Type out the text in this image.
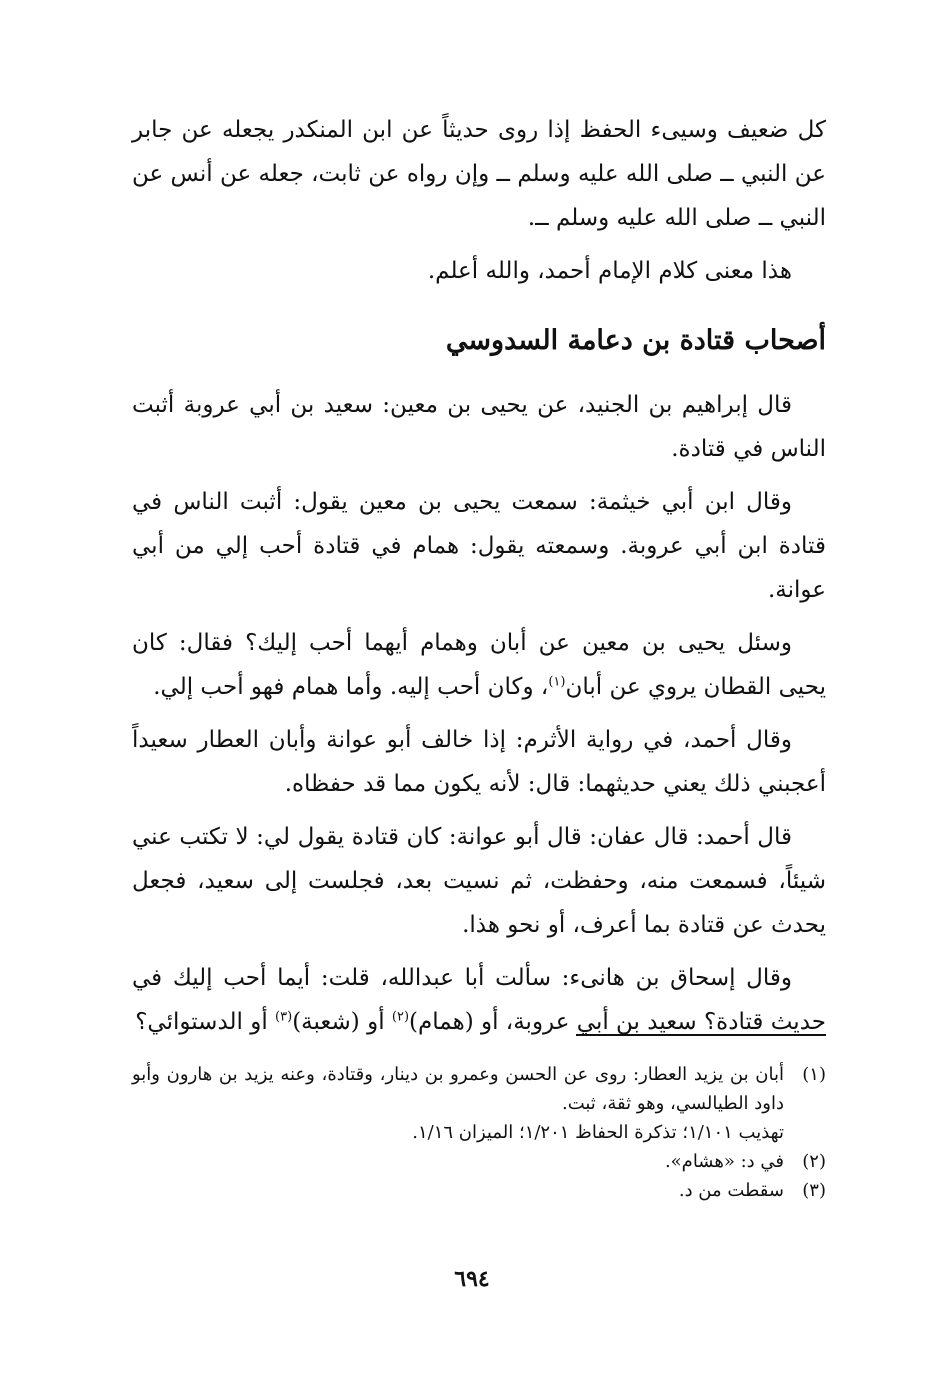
كل ضعيف وسيىء الحفظ إذا روى حديثاً عن ابن المنكدر يجعله عن جابر عن النبي ــ صلى الله عليه وسلم ــ وإن رواه عن ثابت، جعله عن أنس عن النبي ــ صلى الله عليه وسلم ــ.

هذا معنى كلام الإمام أحمد، والله أعلم.

أصحاب قتادة بن دعامة السدوسي

قال إبراهيم بن الجنيد، عن يحيى بن معين: سعيد بن أبي عروبة أثبت الناس في قتادة.

وقال ابن أبي خيثمة: سمعت يحيى بن معين يقول: أثبت الناس في قتادة ابن أبي عروبة. وسمعته يقول: همام في قتادة أحب إلي من أبي عوانة.

وسئل يحيى بن معين عن أبان وهمام أيهما أحب إليك؟ فقال: كان يحيى القطان يروي عن أبان$^{(١)}$، وكان أحب إليه. وأما همام فهو أحب إلي.

وقال أحمد، في رواية الأثرم: إذا خالف أبو عوانة وأبان العطار سعيداً أعجبني ذلك يعني حديثهما: قال: لأنه يكون مما قد حفظاه.

قال أحمد: قال عفان: قال أبو عوانة: كان قتادة يقول لي: لا تكتب عني شيئاً، فسمعت منه، وحفظت، ثم نسيت بعد، فجلست إلى سعيد، فجعل يحدث عن قتادة بما أعرف، أو نحو هذا.

وقال إسحاق بن هانىء: سألت أبا عبدالله، قلت: أيما أحب إليك في حديث قتادة؟ سعيد بن أبي عروبة، أو (همام)$^{(٢)}$ أو (شعبة)$^{(٣)}$ أو الدستوائي؟

(١)
أبان بن يزيد العطار: روى عن الحسن وعمرو بن دينار، وقتادة، وعنه يزيد بن هارون وأبو داود الطيالسي، وهو ثقة، ثبت.
تهذيب ١/١٠١؛ تذكرة الحفاظ ١/٢٠١؛ الميزان ١/١٦.
(٢)
في د: «هشام».
(٣)
سقطت من د.
٦٩٤
